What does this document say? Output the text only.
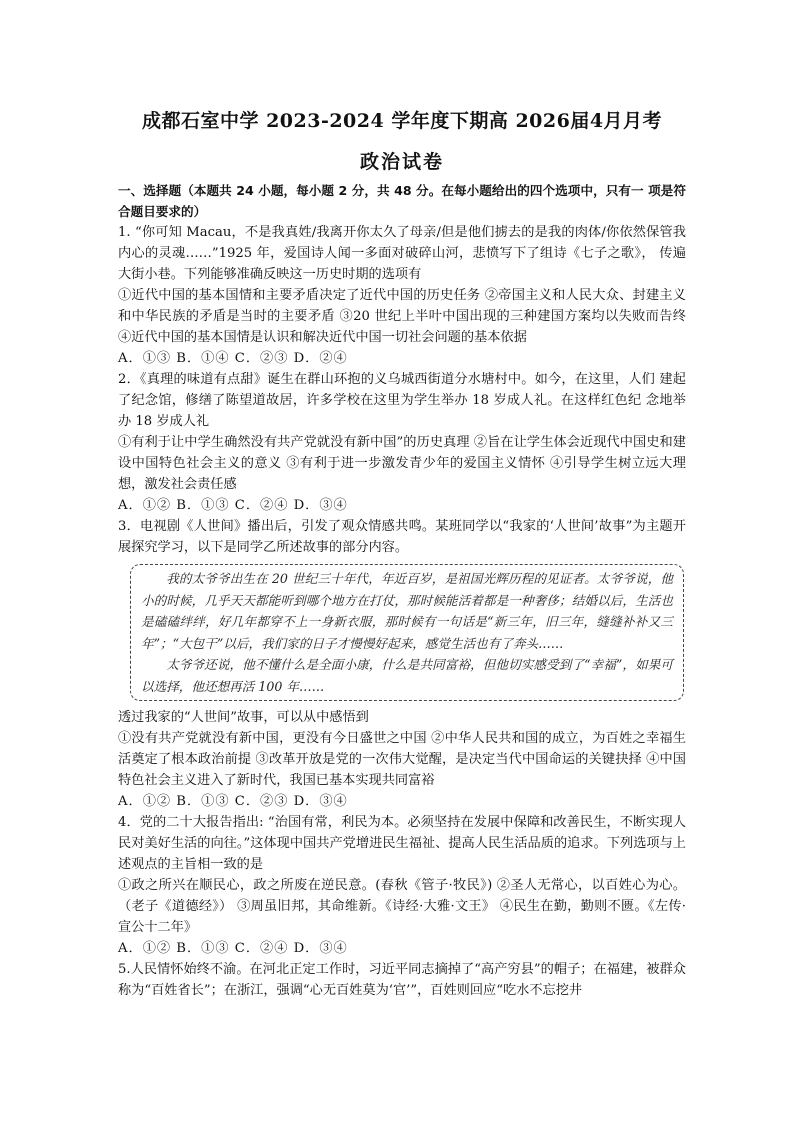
成都石室中学 2023-2024 学年度下期高 2026届4月月考
政治试卷

一、选择题（本题共 24 小题，每小题 2 分，共 48 分。在每小题给出的四个选项中，只有一 项是符合题目要求的）

1. “你可知 Macau，不是我真姓/我离开你太久了母亲/但是他们掳去的是我的肉体/你依然保管我内心的灵魂……”1925 年，爱国诗人闻一多面对破碎山河，悲愤写下了组诗《七子之歌》， 传遍大街小巷。下列能够准确反映这一历史时期的选项有

①近代中国的基本国情和主要矛盾决定了近代中国的历史任务 ②帝国主义和人民大众、封建主义和中华民族的矛盾是当时的主要矛盾 ③20 世纪上半叶中国出现的三种建国方案均以失败而告终 ④近代中国的基本国情是认识和解决近代中国一切社会问题的基本依据

A．①③ B．①④ C．②③ D．②④

2．《真理的味道有点甜》诞生在群山环抱的义乌城西街道分水塘村中。如今，在这里，人们 建起了纪念馆，修缮了陈望道故居，许多学校在这里为学生举办 18 岁成人礼。在这样红色纪 念地举办 18 岁成人礼

①有利于让中学生确然没有共产党就没有新中国”的历史真理 ②旨在让学生体会近现代中国史和建设中国特色社会主义的意义 ③有利于进一步激发青少年的爱国主义情怀 ④引导学生树立远大理想，激发社会责任感

A．①② B．①③ C．②④ D．③④

3．电视剧《人世间》播出后，引发了观众情感共鸣。某班同学以“我家的‘人世间’故事”为主题开展探究学习，以下是同学乙所述故事的部分内容。

我的太爷爷出生在 20 世纪三十年代，年近百岁，是祖国光辉历程的见证者。太爷爷说，他小的时候，几乎天天都能听到哪个地方在打仗，那时候能活着都是一种奢侈；结婚以后，生活也是磕磕绊绊，好几年都穿不上一身新衣服，那时候有一句话是“新三年，旧三年，缝缝补补又三年”；“大包干”以后，我们家的日子才慢慢好起来，感觉生活也有了奔头……

太爷爷还说，他不懂什么是全面小康，什么是共同富裕，但他切实感受到了“幸福”，如果可以选择，他还想再活 100 年……

透过我家的“人世间”故事，可以从中感悟到

①没有共产党就没有新中国，更没有今日盛世之中国 ②中华人民共和国的成立，为百姓之幸福生活奠定了根本政治前提 ③改革开放是党的一次伟大觉醒，是决定当代中国命运的关键抉择 ④中国特色社会主义进入了新时代，我国已基本实现共同富裕

A．①② B．①③ C．②③ D．③④

4．党的二十大报告指出: “治国有常，利民为本。必须坚持在发展中保障和改善民生，不断实现人民对美好生活的向往。”这体现中国共产党增进民生福祉、提高人民生活品质的追求。下列选项与上述观点的主旨相一致的是

①政之所兴在顺民心，政之所废在逆民意。(春秋《管子·牧民》) ②圣人无常心，以百姓心为心。（老子《道德经》） ③周虽旧邦，其命维新。《诗经·大雅·文王》 ④民生在勤，勤则不匮。《左传·宣公十二年》

A．①② B．①③ C．②④ D．③④

5.人民情怀始终不渝。在河北正定工作时，习近平同志摘掉了“高产穷县”的帽子；在福建，被群众称为“百姓省长”；在浙江，强调“心无百姓莫为‘官’”，百姓则回应“吃水不忘挖井
